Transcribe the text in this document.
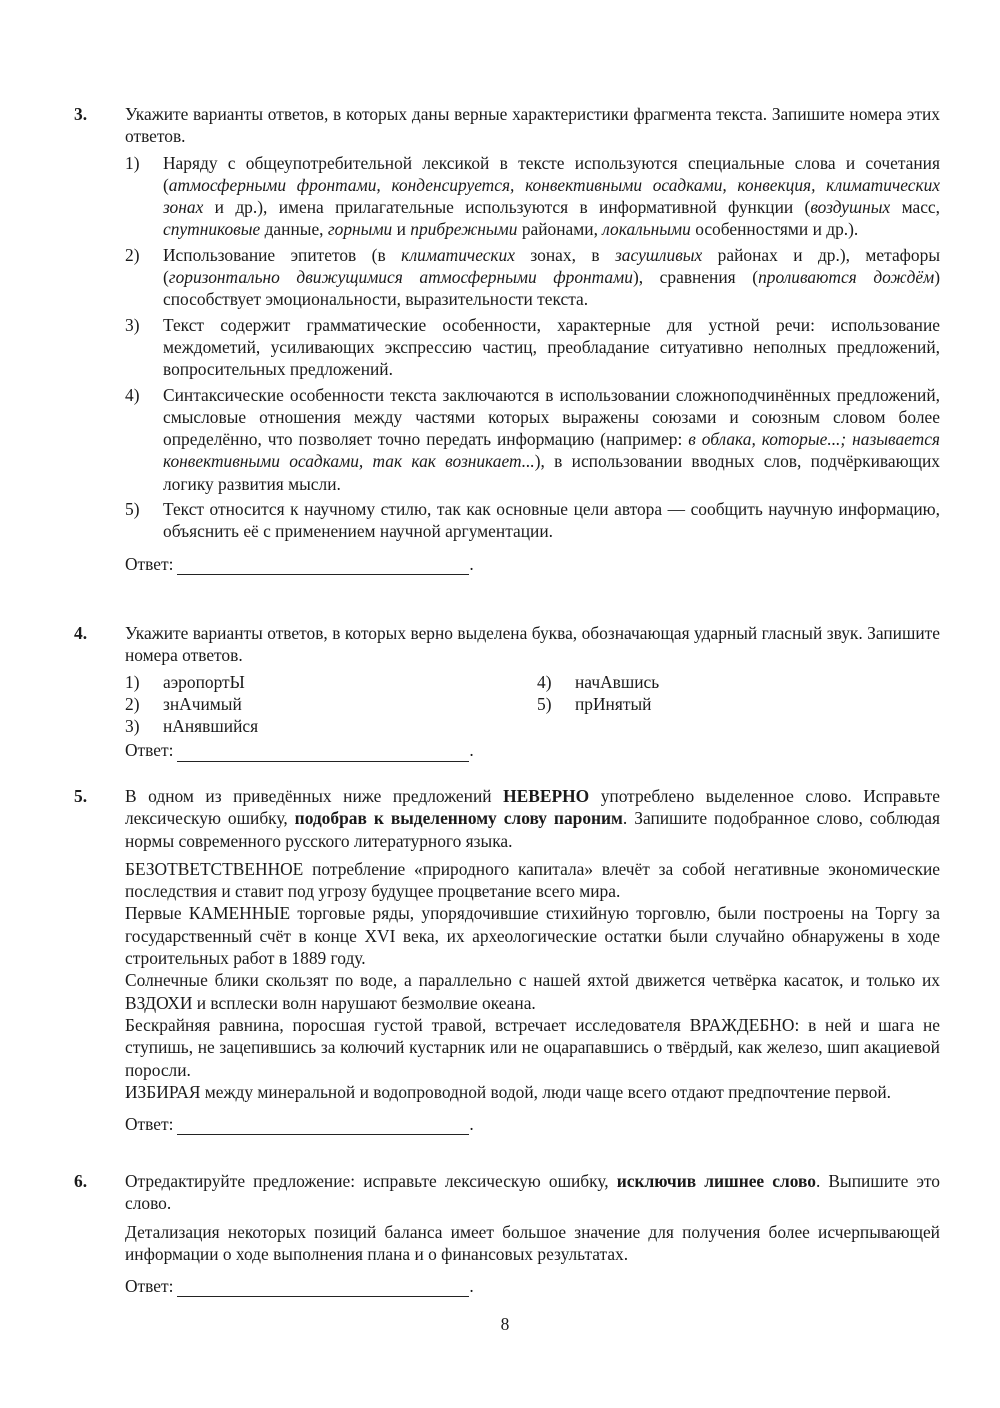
3. Укажите варианты ответов, в которых даны верные характеристики фрагмента текста. Запишите номера этих ответов.

1) Наряду с общеупотребительной лексикой в тексте используются специальные слова и сочетания (атмосферными фронтами, конденсируется, конвективными осадками, конвекция, климатических зонах и др.), имена прилагательные используются в информативной функции (воздушных масс, спутниковые данные, горными и прибрежными районами, локальными особенностями и др.).
2) Использование эпитетов (в климатических зонах, в засушливых районах и др.), метафоры (горизонтально движущимися атмосферными фронтами), сравнения (проливаются дождём) способствует эмоциональности, выразительности текста.
3) Текст содержит грамматические особенности, характерные для устной речи: использование междометий, усиливающих экспрессию частиц, преобладание ситуативно неполных предложений, вопросительных предложений.
4) Синтаксические особенности текста заключаются в использовании сложноподчинённых предложений, смысловые отношения между частями которых выражены союзами и союзным словом более определённо, что позволяет точно передать информацию (например: в облака, которые...; называется конвективными осадками, так как возникает...), в использовании вводных слов, подчёркивающих логику развития мысли.
5) Текст относится к научному стилю, так как основные цели автора — сообщить научную информацию, объяснить её с применением научной аргументации.
Ответ:	.
4. Укажите варианты ответов, в которых верно выделена буква, обозначающая ударный гласный звук. Запишите номера ответов.

1) аэропортЫ
2) знАчимый
3) нАнявшийся
4) начАвшись
5) прИнятый
Ответ:	.
5. В одном из приведённых ниже предложений НЕВЕРНО употреблено выделенное слово. Исправьте лексическую ошибку, подобрав к выделенному слову пароним. Запишите подобранное слово, соблюдая нормы современного русского литературного языка.

БЕЗОТВЕТСТВЕННОЕ потребление «природного капитала» влечёт за собой негативные экономические последствия и ставит под угрозу будущее процветание всего мира.

Первые КАМЕННЫЕ торговые ряды, упорядочившие стихийную торговлю, были построены на Торгу за государственный счёт в конце XVI века, их археологические остатки были случайно обнаружены в ходе строительных работ в 1889 году.

Солнечные блики скользят по воде, а параллельно с нашей яхтой движется четвёрка касаток, и только их ВЗДОХИ и всплески волн нарушают безмолвие океана.

Бескрайняя равнина, поросшая густой травой, встречает исследователя ВРАЖДЕБНО: в ней и шага не ступишь, не зацепившись за колючий кустарник или не оцарапавшись о твёрдый, как железо, шип акациевой поросли.

ИЗБИРАЯ между минеральной и водопроводной водой, люди чаще всего отдают предпочтение первой.

Ответ:	.
6. Отредактируйте предложение: исправьте лексическую ошибку, исключив лишнее слово. Выпишите это слово.

Детализация некоторых позиций баланса имеет большое значение для получения более исчерпывающей информации о ходе выполнения плана и о финансовых результатах.

Ответ:	.
8
